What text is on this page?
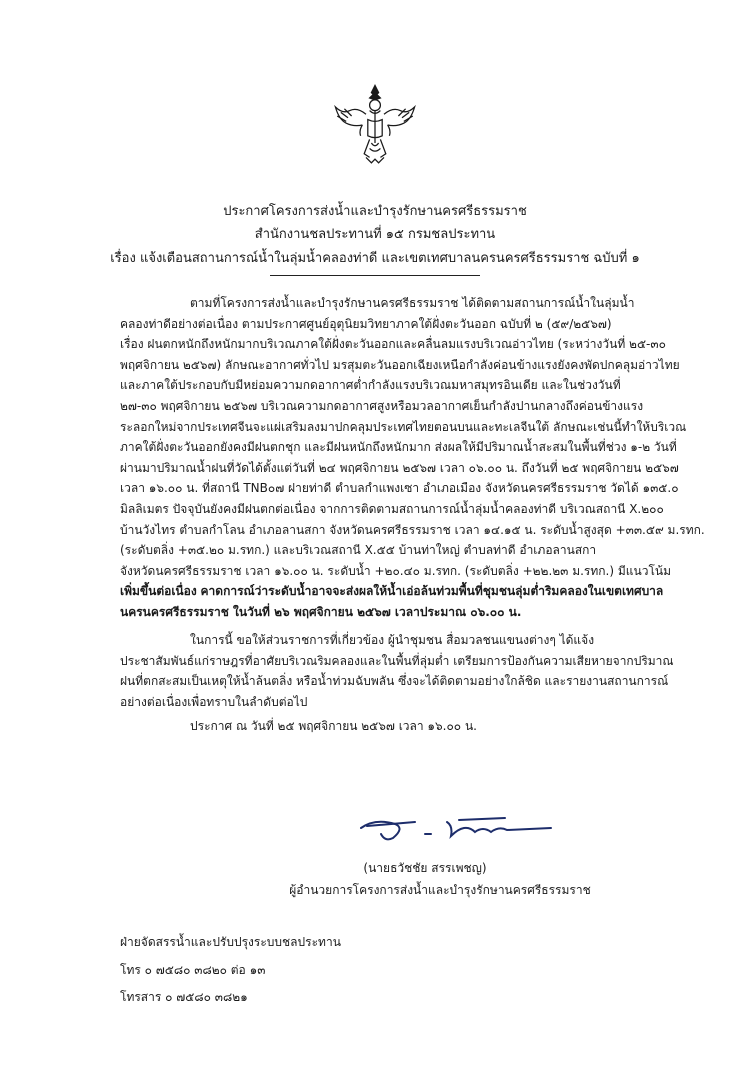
ประกาศโครงการส่งน้ำและบำรุงรักษานครศรีธรรมราช
สำนักงานชลประทานที่ ๑๕ กรมชลประทาน
เรื่อง แจ้งเตือนสถานการณ์น้ำในลุ่มน้ำคลองท่าดี และเขตเทศบาลนครนครศรีธรรมราช ฉบับที่ ๑
ตามที่โครงการส่งน้ำและบำรุงรักษานครศรีธรรมราช ได้ติดตามสถานการณ์น้ำในลุ่มน้ำ
คลองท่าดีอย่างต่อเนื่อง ตามประกาศศูนย์อุตุนิยมวิทยาภาคใต้ฝั่งตะวันออก ฉบับที่ ๒ (๕๙/๒๕๖๗)
เรื่อง ฝนตกหนักถึงหนักมากบริเวณภาคใต้ฝั่งตะวันออกและคลื่นลมแรงบริเวณอ่าวไทย (ระหว่างวันที่ ๒๕-๓๐
พฤศจิกายน ๒๕๖๗) ลักษณะอากาศทั่วไป มรสุมตะวันออกเฉียงเหนือกำลังค่อนข้างแรงยังคงพัดปกคลุมอ่าวไทย
และภาคใต้ประกอบกับมีหย่อมความกดอากาศต่ำกำลังแรงบริเวณมหาสมุทรอินเดีย และในช่วงวันที่
๒๗-๓๐ พฤศจิกายน ๒๕๖๗ บริเวณความกดอากาศสูงหรือมวลอากาศเย็นกำลังปานกลางถึงค่อนข้างแรง
ระลอกใหม่จากประเทศจีนจะแผ่เสริมลงมาปกคลุมประเทศไทยตอนบนและทะเลจีนใต้ ลักษณะเช่นนี้ทำให้บริเวณ
ภาคใต้ฝั่งตะวันออกยังคงมีฝนตกชุก และมีฝนหนักถึงหนักมาก ส่งผลให้มีปริมาณน้ำสะสมในพื้นที่ช่วง ๑-๒ วันที่
ผ่านมาปริมาณน้ำฝนที่วัดได้ตั้งแต่วันที่ ๒๔ พฤศจิกายน ๒๕๖๗ เวลา ๐๖.๐๐ น. ถึงวันที่ ๒๕ พฤศจิกายน ๒๕๖๗
เวลา ๑๖.๐๐ น. ที่สถานี TNB๐๗ ฝายท่าดี ตำบลกำแพงเซา อำเภอเมือง จังหวัดนครศรีธรรมราช วัดได้ ๑๓๕.๐
มิลลิเมตร ปัจจุบันยังคงมีฝนตกต่อเนื่อง จากการติดตามสถานการณ์น้ำลุ่มน้ำคลองท่าดี บริเวณสถานี X.๒๐๐
บ้านวังไทร ตำบลกำโลน อำเภอลานสกา จังหวัดนครศรีธรรมราช เวลา ๑๔.๑๕ น. ระดับน้ำสูงสุด +๓๓.๕๙ ม.รทก.
(ระดับตลิ่ง +๓๕.๒๐ ม.รทก.) และบริเวณสถานี X.๕๕ บ้านท่าใหญ่ ตำบลท่าดี อำเภอลานสกา
จังหวัดนครศรีธรรมราช เวลา ๑๖.๐๐ น. ระดับน้ำ +๒๐.๔๐ ม.รทก. (ระดับตลิ่ง +๒๒.๒๓ ม.รทก.) มีแนวโน้ม
เพิ่มขึ้นต่อเนื่อง คาดการณ์ว่าระดับน้ำอาจจะส่งผลให้น้ำเอ่อล้นท่วมพื้นที่ชุมชนลุ่มต่ำริมคลองในเขตเทศบาล
นครนครศรีธรรมราช ในวันที่ ๒๖ พฤศจิกายน ๒๕๖๗ เวลาประมาณ ๐๖.๐๐ น.
ในการนี้ ขอให้ส่วนราชการที่เกี่ยวข้อง ผู้นำชุมชน สื่อมวลชนแขนงต่างๆ ได้แจ้ง
ประชาสัมพันธ์แก่ราษฎรที่อาศัยบริเวณริมคลองและในพื้นที่ลุ่มต่ำ เตรียมการป้องกันความเสียหายจากปริมาณ
ฝนที่ตกสะสมเป็นเหตุให้น้ำล้นตลิ่ง หรือน้ำท่วมฉับพลัน ซึ่งจะได้ติดตามอย่างใกล้ชิด และรายงานสถานการณ์
อย่างต่อเนื่องเพื่อทราบในลำดับต่อไป
ประกาศ ณ วันที่ ๒๕ พฤศจิกายน ๒๕๖๗ เวลา ๑๖.๐๐ น.
(นายธวัชชัย สรรเพชญ)
ผู้อำนวยการโครงการส่งน้ำและบำรุงรักษานครศรีธรรมราช
ฝ่ายจัดสรรน้ำและปรับปรุงระบบชลประทาน
โทร ๐ ๗๕๘๐ ๓๘๒๐ ต่อ ๑๓
โทรสาร ๐ ๗๕๘๐ ๓๘๒๑
